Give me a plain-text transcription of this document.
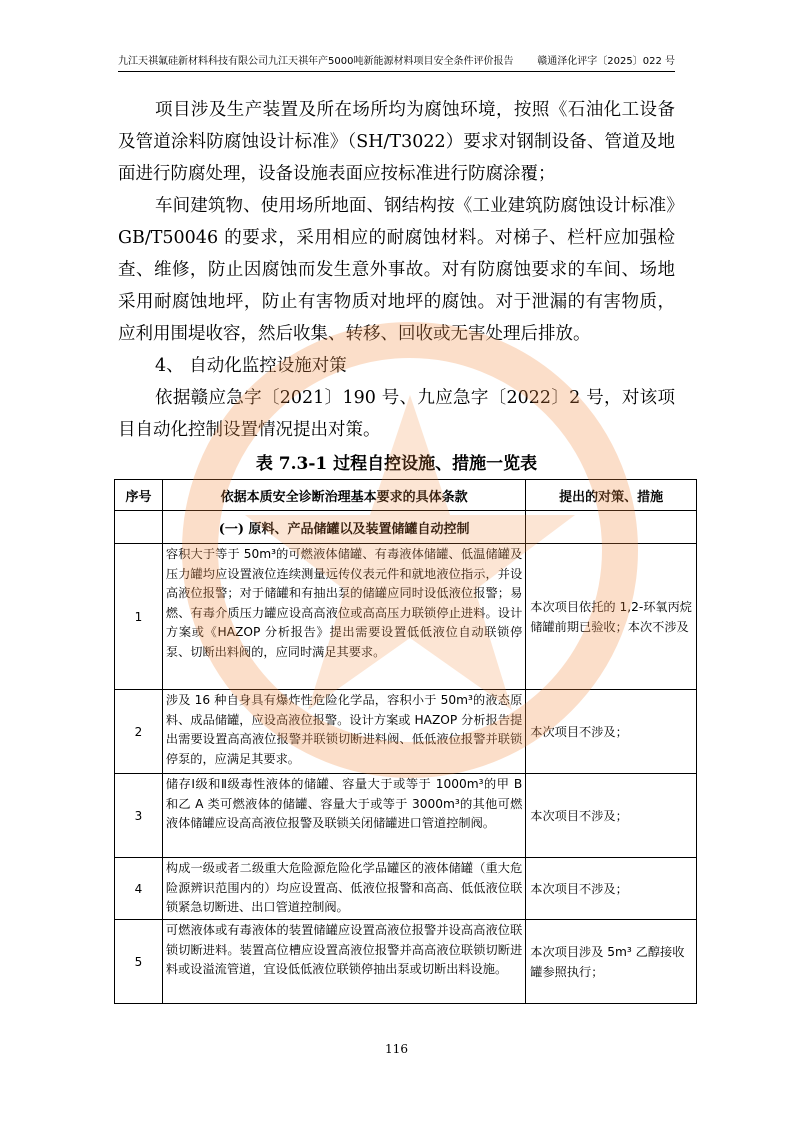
九江天祺氟硅新材料科技有限公司九江天祺年产5000吨新能源材料项目安全条件评价报告 赣通泽化评字〔2025〕022 号
项目涉及生产装置及所在场所均为腐蚀环境，按照《石油化工设备及管道涂料防腐蚀设计标准》（SH/T3022）要求对钢制设备、管道及地面进行防腐处理，设备设施表面应按标准进行防腐涂覆；
车间建筑物、使用场所地面、钢结构按《工业建筑防腐蚀设计标准》GB/T50046 的要求，采用相应的耐腐蚀材料。对梯子、栏杆应加强检查、维修，防止因腐蚀而发生意外事故。对有防腐蚀要求的车间、场地采用耐腐蚀地坪，防止有害物质对地坪的腐蚀。对于泄漏的有害物质，应利用围堤收容，然后收集、转移、回收或无害处理后排放。
4、 自动化监控设施对策
依据赣应急字〔2021〕190 号、九应急字〔2022〕2 号，对该项目自动化控制设置情况提出对策。
表 7.3-1 过程自控设施、措施一览表
序号	依据本质安全诊断治理基本要求的具体条款	提出的对策、措施
	(一) 原料、产品储罐以及装置储罐自动控制	
1	容积大于等于 50m³的可燃液体储罐、有毒液体储罐、低温储罐及压力罐均应设置液位连续测量远传仪表元件和就地液位指示，并设高液位报警；对于储罐和有抽出泵的储罐应同时设低液位报警；易燃、有毒介质压力罐应设高高液位或高高压力联锁停止进料。设计方案或《HAZOP 分析报告》提出需要设置低低液位自动联锁停泵、切断出料阀的，应同时满足其要求。	本次项目依托的 1,2-环氧丙烷储罐前期已验收；本次不涉及
2	涉及 16 种自身具有爆炸性危险化学品，容积小于 50m³的液态原料、成品储罐，应设高液位报警。设计方案或 HAZOP 分析报告提出需要设置高高液位报警并联锁切断进料阀、低低液位报警并联锁停泵的，应满足其要求。	本次项目不涉及；
3	储存Ⅰ级和Ⅱ级毒性液体的储罐、容量大于或等于 1000m³的甲 B 和乙 A 类可燃液体的储罐、容量大于或等于 3000m³的其他可燃液体储罐应设高高液位报警及联锁关闭储罐进口管道控制阀。	本次项目不涉及；
4	构成一级或者二级重大危险源危险化学品罐区的液体储罐（重大危险源辨识范围内的）均应设置高、低液位报警和高高、低低液位联锁紧急切断进、出口管道控制阀。	本次项目不涉及；
5	可燃液体或有毒液体的装置储罐应设置高液位报警并设高高液位联锁切断进料。装置高位槽应设置高液位报警并高高液位联锁切断进料或设溢流管道，宜设低低液位联锁停抽出泵或切断出料设施。	本次项目涉及 5m³ 乙醇接收罐参照执行；
116
